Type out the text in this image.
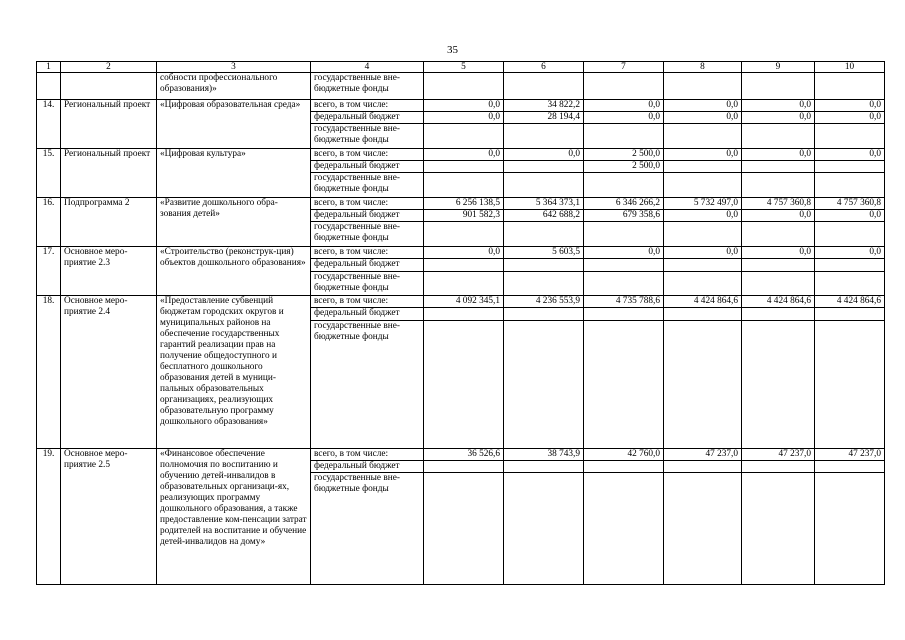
35
1	2	3	4	5	6	7	8	9	10
		собности профессионального образования)»	государственные вне-бюджетные фонды						
14.	Региональный проект	«Цифровая образовательная среда»	всего, в том числе:	0,0	34 822,2	0,0	0,0	0,0	0,0
			федеральный бюджет	0,0	28 194,4	0,0	0,0	0,0	0,0
			государственные вне-бюджетные фонды						
15.	Региональный проект	«Цифровая культура»	всего, в том числе:	0,0	0,0	2 500,0	0,0	0,0	0,0
			федеральный бюджет			2 500,0			
			государственные вне-бюджетные фонды						
16.	Подпрограмма 2	«Развитие дошкольного обра-зования детей»	всего, в том числе:	6 256 138,5	5 364 373,1	6 346 266,2	5 732 497,0	4 757 360,8	4 757 360,8
			федеральный бюджет	901 582,3	642 688,2	679 358,6	0,0	0,0	0,0
			государственные вне-бюджетные фонды						
17.	Основное меро-приятие 2.3	«Строительство (реконструк-ция) объектов дошкольного образования»	всего, в том числе:	0,0	5 603,5	0,0	0,0	0,0	0,0
			федеральный бюджет						
			государственные вне-бюджетные фонды						
18.	Основное меро-приятие 2.4	«Предоставление субвенций бюджетам городских округов и муниципальных районов на обеспечение государственных гарантий реализации прав на получение общедоступного и бесплатного дошкольного образования детей в муници-пальных образовательных организациях, реализующих образовательную программу дошкольного образования»	всего, в том числе:	4 092 345,1	4 236 553,9	4 735 788,6	4 424 864,6	4 424 864,6	4 424 864,6
			федеральный бюджет						
			государственные вне-бюджетные фонды						
19.	Основное меро-приятие 2.5	«Финансовое обеспечение полномочия по воспитанию и обучению детей-инвалидов в образовательных организаци-ях, реализующих программу дошкольного образования, а также предоставление ком-пенсации затрат родителей на воспитание и обучение детей-инвалидов на дому»	всего, в том числе:	36 526,6	38 743,9	42 760,0	47 237,0	47 237,0	47 237,0
			федеральный бюджет						
			государственные вне-бюджетные фонды						
